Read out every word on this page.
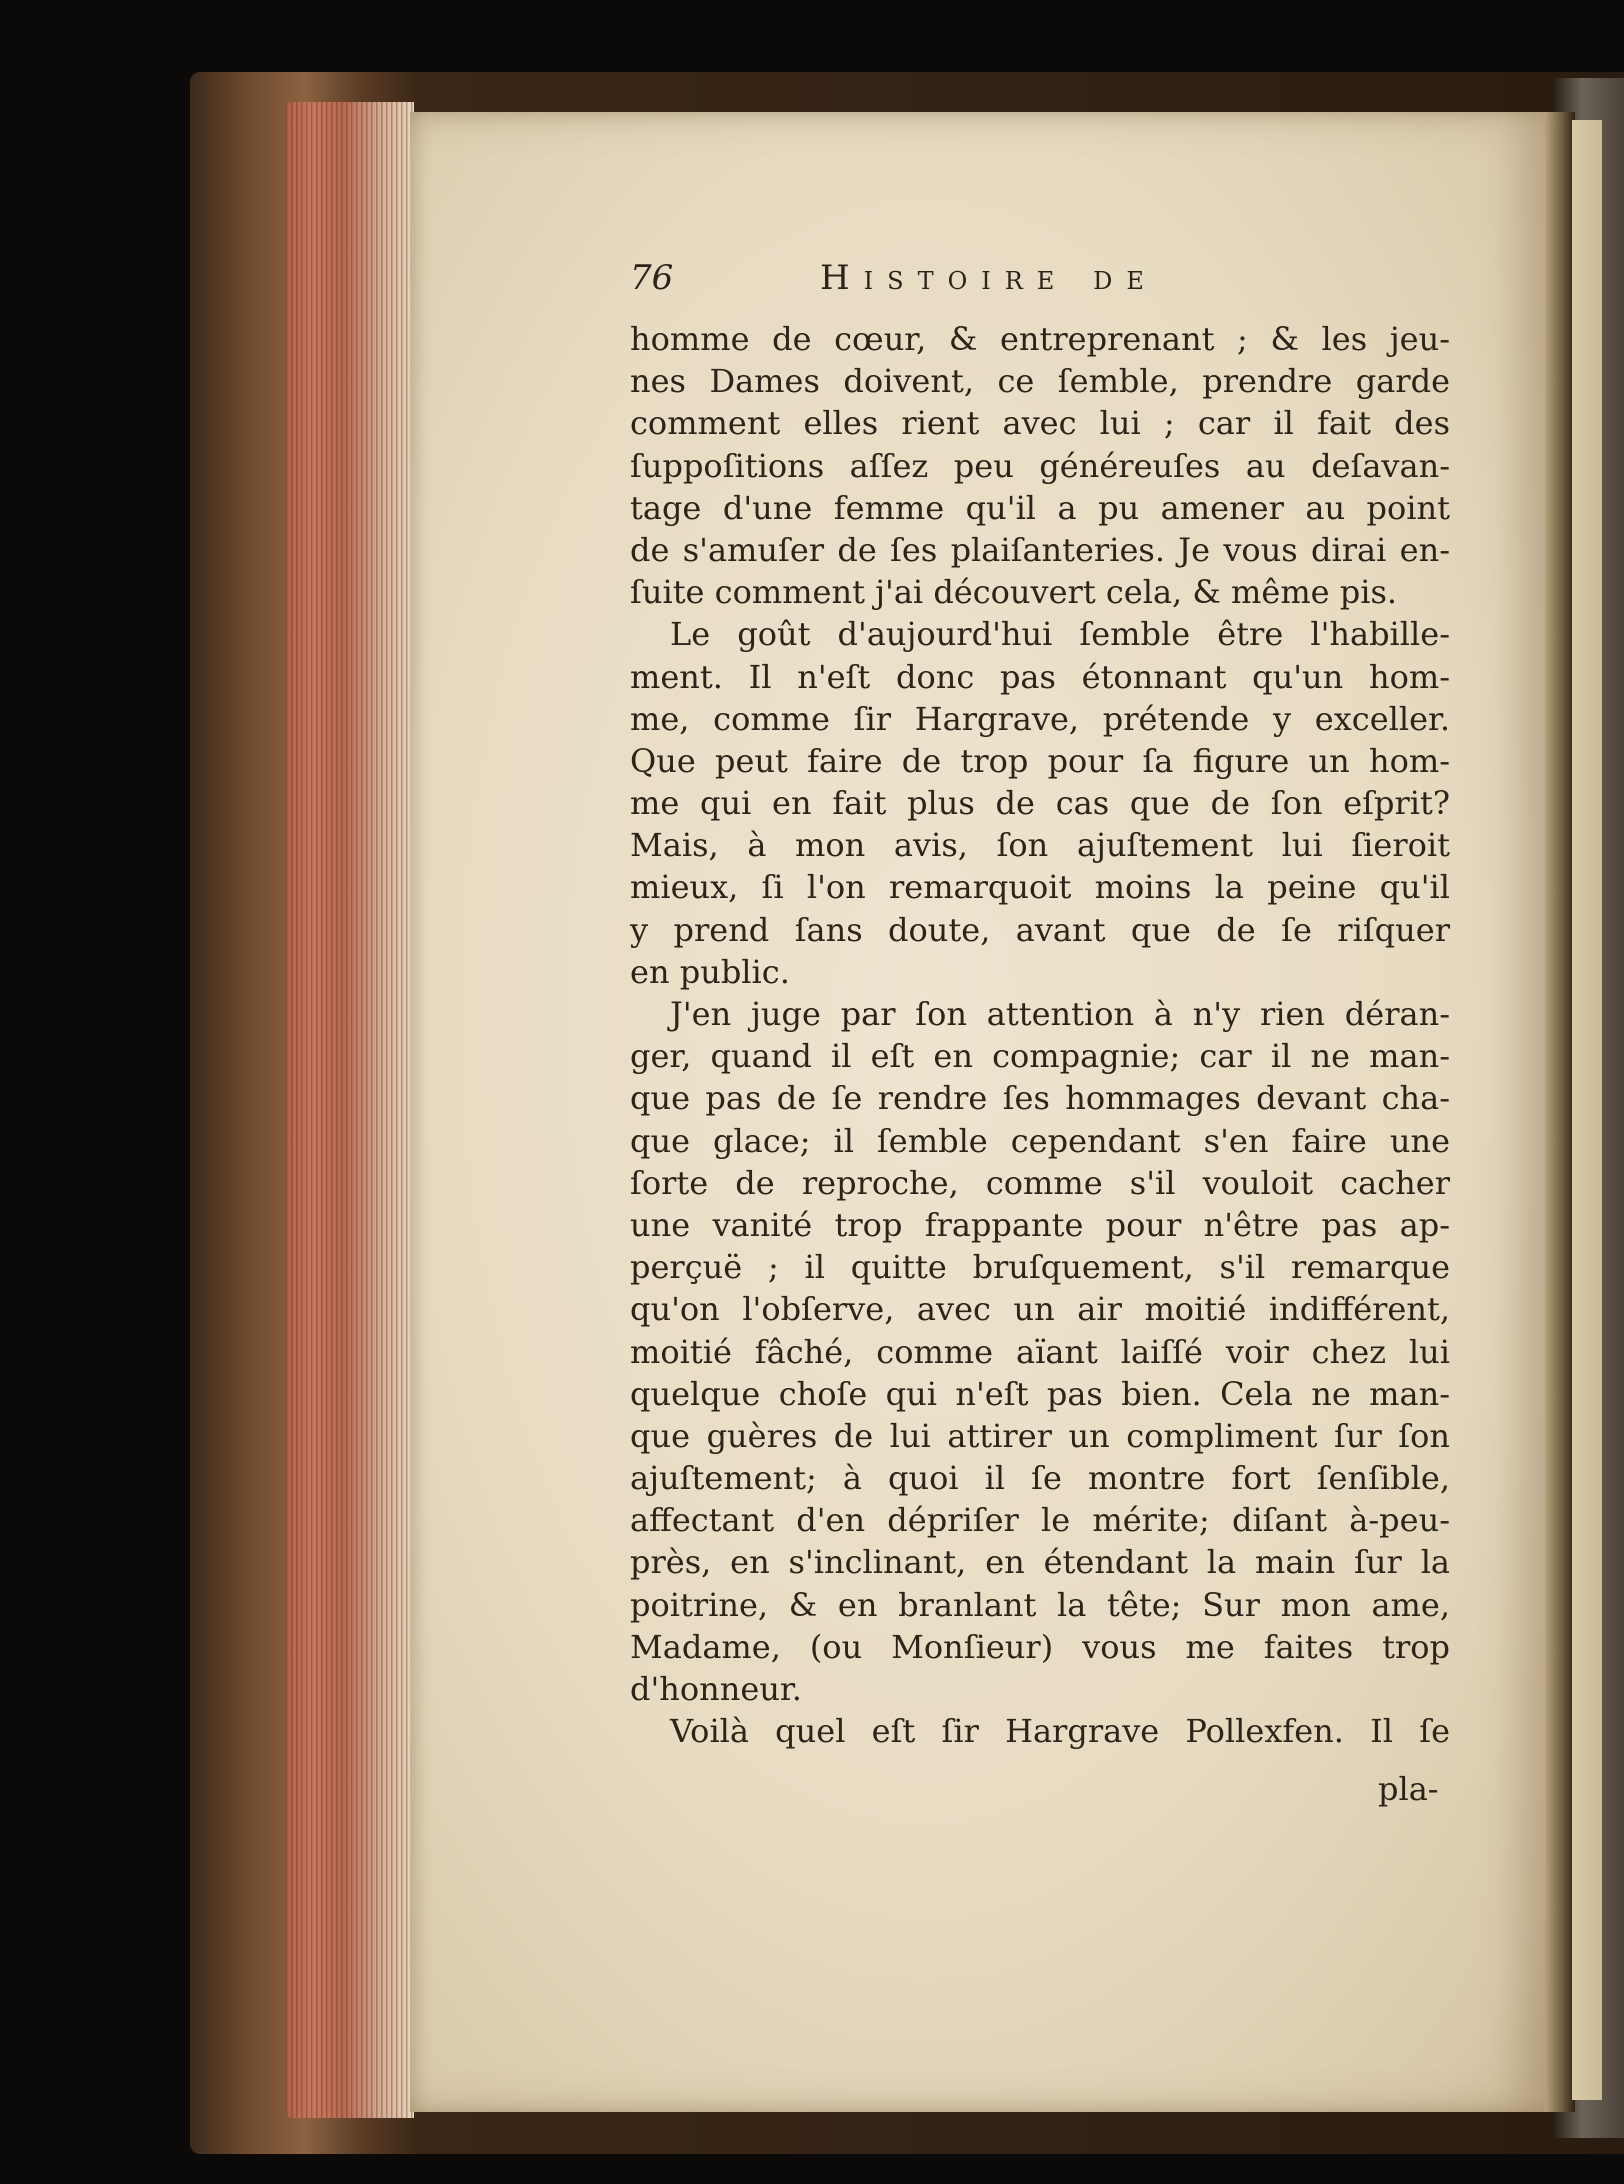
76	Histoire de
homme de cœur, & entreprenant ; & les jeu-
nes Dames doivent, ce ſemble, prendre garde
comment elles rient avec lui ; car il fait des
ſuppoſitions aſſez peu généreuſes au deſavan-
tage d'une femme qu'il a pu amener au point
de s'amuſer de ſes plaiſanteries. Je vous dirai en-
ſuite comment j'ai découvert cela, & même pis.
Le goût d'aujourd'hui ſemble être l'habille-
ment. Il n'eſt donc pas étonnant qu'un hom-
me, comme ſir Hargrave, prétende y exceller.
Que peut faire de trop pour ſa figure un hom-
me qui en fait plus de cas que de ſon eſprit?
Mais, à mon avis, ſon ajuſtement lui ſieroit
mieux, ſi l'on remarquoit moins la peine qu'il
y prend ſans doute, avant que de ſe riſquer
en public.
J'en juge par ſon attention à n'y rien déran-
ger, quand il eſt en compagnie; car il ne man-
que pas de ſe rendre ſes hommages devant cha-
que glace; il ſemble cependant s'en faire une
ſorte de reproche, comme s'il vouloit cacher
une vanité trop frappante pour n'être pas ap-
perçuë ; il quitte bruſquement, s'il remarque
qu'on l'obſerve, avec un air moitié indifférent,
moitié fâché, comme aïant laiſſé voir chez lui
quelque choſe qui n'eſt pas bien. Cela ne man-
que guères de lui attirer un compliment ſur ſon
ajuſtement; à quoi il ſe montre fort ſenſible,
affectant d'en dépriſer le mérite; diſant à-peu-
près, en s'inclinant, en étendant la main ſur la
poitrine, & en branlant la tête; Sur mon ame,
Madame, (ou Monſieur) vous me faites trop
d'honneur.
Voilà quel eſt ſir Hargrave Pollexfen. Il ſe
pla-
